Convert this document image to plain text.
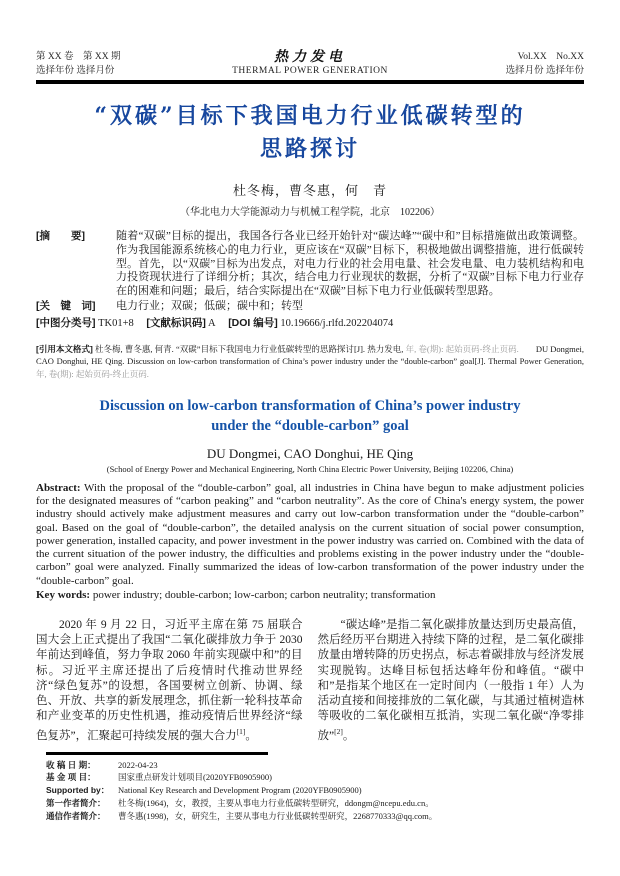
第 XX 卷　第 XX 期
选择年份 选择月份
热力发电
THERMAL POWER GENERATION
Vol.XX　No.XX
选择月份 选择年份
“双碳”目标下我国电力行业低碳转型的
思路探讨
杜冬梅，曹冬惠，何　青
（华北电力大学能源动力与机械工程学院，北京　102206）
[摘　　要]	随着“双碳”目标的提出，我国各行各业已经开始针对“碳达峰”“碳中和”目标措施做出政策调整。作为我国能源系统核心的电力行业，更应该在“双碳”目标下，积极地做出调整措施，进行低碳转型。首先，以“双碳”目标为出发点，对电力行业的社会用电量、社会发电量、电力装机结构和电力投资现状进行了详细分析；其次，结合电力行业现状的数据，分析了“双碳”目标下电力行业存在的困难和问题；最后，结合实际提出在“双碳”目标下电力行业低碳转型思路。
[关　键　词]	电力行业；双碳；低碳；碳中和；转型
[中图分类号] TK01+8 [文献标识码] A [DOI 编号] 10.19666/j.rlfd.202204074
[引用本文格式] 杜冬梅, 曹冬惠, 何青. “双碳”目标下我国电力行业低碳转型的思路探讨[J]. 热力发电, 年, 卷(期): 起始页码-终止页码.　　 DU Dongmei, CAO Donghui, HE Qing. Discussion on low-carbon transformation of China’s power industry under the “double-carbon” goal[J]. Thermal Power Generation, 年, 卷(期): 起始页码-终止页码.
Discussion on low-carbon transformation of China’s power industry
under the “double-carbon” goal
DU Dongmei, CAO Donghui, HE Qing
(School of Energy Power and Mechanical Engineering, North China Electric Power University, Beijing 102206, China)
Abstract: With the proposal of the “double-carbon” goal, all industries in China have begun to make adjustment policies for the designated measures of “carbon peaking” and “carbon neutrality”. As the core of China's energy system, the power industry should actively make adjustment measures and carry out low-carbon transformation under the “double-carbon” goal. Based on the goal of “double-carbon”, the detailed analysis on the current situation of social power consumption, power generation, installed capacity, and power investment in the power industry was carried on. Combined with the data of the current situation of the power industry, the difficulties and problems existing in the power industry under the “double-carbon” goal were analyzed. Finally summarized the ideas of low-carbon transformation of the power industry under the “double-carbon” goal.
Key words: power industry; double-carbon; low-carbon; carbon neutrality; transformation

2020 年 9 月 22 日，习近平主席在第 75 届联合国大会上正式提出了我国“二氧化碳排放力争于 2030 年前达到峰值，努力争取 2060 年前实现碳中和”的目标。习近平主席还提出了后疫情时代推动世界经济“绿色复苏”的设想，各国要树立创新、协调、绿色、开放、共享的新发展理念，抓住新一轮科技革命和产业变革的历史性机遇，推动疫情后世界经济“绿色复苏”，汇聚起可持续发展的强大合力[1]。

“碳达峰”是指二氧化碳排放量达到历史最高值，然后经历平台期进入持续下降的过程，是二氧化碳排放量由增转降的历史拐点，标志着碳排放与经济发展实现脱钩。达峰目标包括达峰年份和峰值。“碳中和”是指某个地区在一定时间内（一般指 1 年）人为活动直接和间接排放的二氧化碳，与其通过植树造林等吸收的二氧化碳相互抵消，实现二氧化碳“净零排放”[2]。

收 稿 日 期：	2022-04-23
基 金 项 目：	国家重点研发计划项目(2020YFB0905900)
Supported by：	National Key Research and Development Program (2020YFB0905900)
第一作者简介：	杜冬梅(1964)，女，教授，主要从事电力行业低碳转型研究，ddongm@ncepu.edu.cn。
通信作者简介：	曹冬惠(1998)，女，研究生，主要从事电力行业低碳转型研究，2268770333@qq.com。
